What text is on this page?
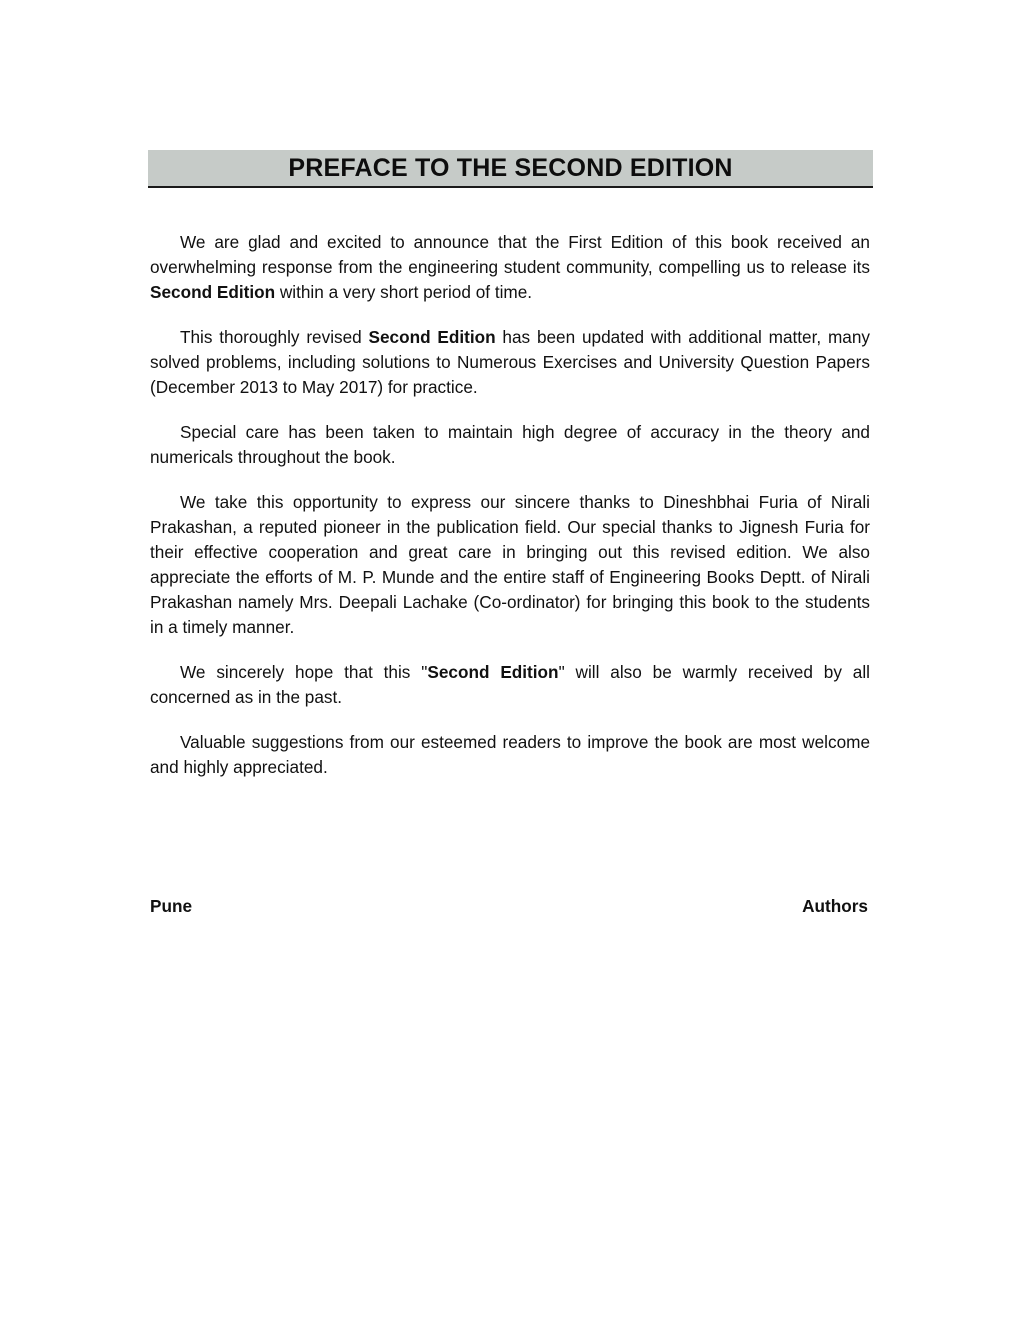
PREFACE TO THE SECOND EDITION

We are glad and excited to announce that the First Edition of this book received an overwhelming response from the engineering student community, compelling us to release its Second Edition within a very short period of time.

This thoroughly revised Second Edition has been updated with additional matter, many solved problems, including solutions to Numerous Exercises and University Question Papers (December 2013 to May 2017) for practice.

Special care has been taken to maintain high degree of accuracy in the theory and numericals throughout the book.

We take this opportunity to express our sincere thanks to Dineshbhai Furia of Nirali Prakashan, a reputed pioneer in the publication field. Our special thanks to Jignesh Furia for their effective cooperation and great care in bringing out this revised edition. We also appreciate the efforts of M. P. Munde and the entire staff of Engineering Books Deptt. of Nirali Prakashan namely Mrs. Deepali Lachake (Co-ordinator) for bringing this book to the students in a timely manner.

We sincerely hope that this "Second Edition" will also be warmly received by all concerned as in the past.

Valuable suggestions from our esteemed readers to improve the book are most welcome and highly appreciated.

Pune	Authors
